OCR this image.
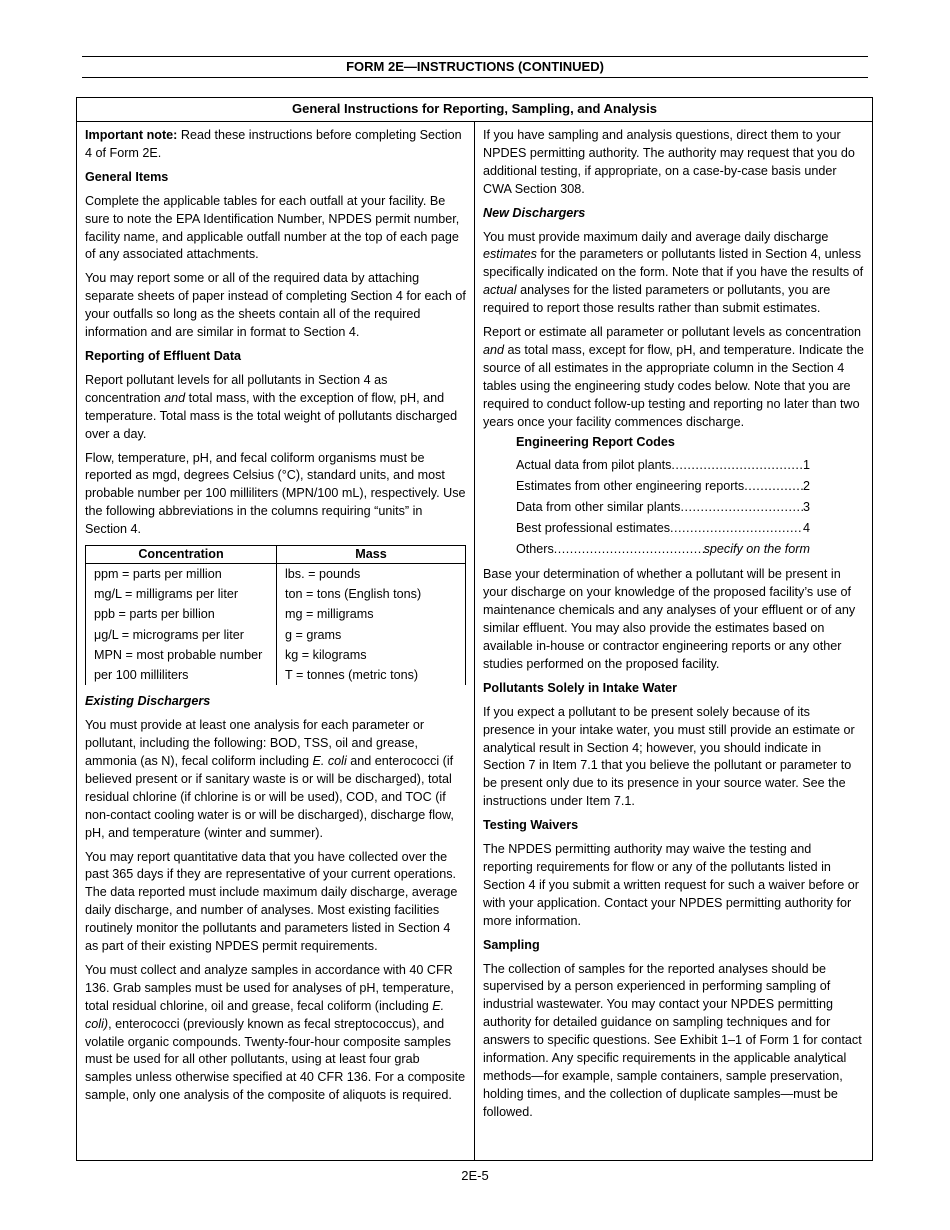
FORM 2E—INSTRUCTIONS (CONTINUED)
General Instructions for Reporting, Sampling, and Analysis

Important note: Read these instructions before completing Section 4 of Form 2E.

General Items

Complete the applicable tables for each outfall at your facility. Be sure to note the EPA Identification Number, NPDES permit number, facility name, and applicable outfall number at the top of each page of any associated attachments.

You may report some or all of the required data by attaching separate sheets of paper instead of completing Section 4 for each of your outfalls so long as the sheets contain all of the required information and are similar in format to Section 4.

Reporting of Effluent Data

Report pollutant levels for all pollutants in Section 4 as concentration and total mass, with the exception of flow, pH, and temperature. Total mass is the total weight of pollutants discharged over a day.

Flow, temperature, pH, and fecal coliform organisms must be reported as mgd, degrees Celsius (°C), standard units, and most probable number per 100 milliliters (MPN/100 mL), respectively. Use the following abbreviations in the columns requiring “units” in Section 4.

Concentration	Mass
ppm = parts per million	lbs. = pounds
mg/L = milligrams per liter	ton = tons (English tons)
ppb = parts per billion	mg = milligrams
μg/L = micrograms per liter	g = grams
MPN = most probable number	kg = kilograms
per 100 milliliters	T = tonnes (metric tons)
Existing Dischargers

You must provide at least one analysis for each parameter or pollutant, including the following: BOD, TSS, oil and grease, ammonia (as N), fecal coliform including E. coli and enterococci (if believed present or if sanitary waste is or will be discharged), total residual chlorine (if chlorine is or will be used), COD, and TOC (if non-contact cooling water is or will be discharged), discharge flow, pH, and temperature (winter and summer).

You may report quantitative data that you have collected over the past 365 days if they are representative of your current operations. The data reported must include maximum daily discharge, average daily discharge, and number of analyses. Most existing facilities routinely monitor the pollutants and parameters listed in Section 4 as part of their existing NPDES permit requirements.

You must collect and analyze samples in accordance with 40 CFR 136. Grab samples must be used for analyses of pH, temperature, total residual chlorine, oil and grease, fecal coliform (including E. coli), enterococci (previously known as fecal streptococcus), and volatile organic compounds. Twenty-four-hour composite samples must be used for all other pollutants, using at least four grab samples unless otherwise specified at 40 CFR 136. For a composite sample, only one analysis of the composite of aliquots is required.

If you have sampling and analysis questions, direct them to your NPDES permitting authority. The authority may request that you do additional testing, if appropriate, on a case-by-case basis under CWA Section 308.

New Dischargers

You must provide maximum daily and average daily discharge estimates for the parameters or pollutants listed in Section 4, unless specifically indicated on the form. Note that if you have the results of actual analyses for the listed parameters or pollutants, you are required to report those results rather than submit estimates.

Report or estimate all parameter or pollutant levels as concentration and as total mass, except for flow, pH, and temperature. Indicate the source of all estimates in the appropriate column in the Section 4 tables using the engineering study codes below. Note that you are required to conduct follow-up testing and reporting no later than two years once your facility commences discharge.

Engineering Report Codes
Actual data from pilot plants .....	1
Estimates from other engineering reports .....	2
Data from other similar plants .....	3
Best professional estimates .....	4
Others .....	specify on the form

Base your determination of whether a pollutant will be present in your discharge on your knowledge of the proposed facility’s use of maintenance chemicals and any analyses of your effluent or of any similar effluent. You may also provide the estimates based on available in-house or contractor engineering reports or any other studies performed on the proposed facility.

Pollutants Solely in Intake Water

If you expect a pollutant to be present solely because of its presence in your intake water, you must still provide an estimate or analytical result in Section 4; however, you should indicate in Section 7 in Item 7.1 that you believe the pollutant or parameter to be present only due to its presence in your source water. See the instructions under Item 7.1.

Testing Waivers

The NPDES permitting authority may waive the testing and reporting requirements for flow or any of the pollutants listed in Section 4 if you submit a written request for such a waiver before or with your application. Contact your NPDES permitting authority for more information.

Sampling

The collection of samples for the reported analyses should be supervised by a person experienced in performing sampling of industrial wastewater. You may contact your NPDES permitting authority for detailed guidance on sampling techniques and for answers to specific questions. See Exhibit 1–1 of Form 1 for contact information. Any specific requirements in the applicable analytical methods—for example, sample containers, sample preservation, holding times, and the collection of duplicate samples—must be followed.

2E-5
